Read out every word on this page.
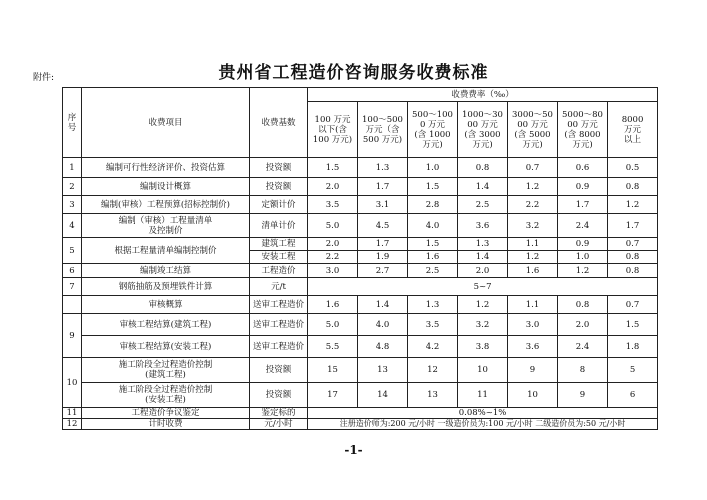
附件:	贵州省工程造价咨询服务收费标准
序
号	收费项目	收费基数	收费费率（‰）						
			100 万元
以下(含
100 万元)	100～500
万元（含
500 万元)	500～100
0 万元
(含 1000
万元)	1000～30
00 万元
(含 3000
万元)	3000～50
00 万元
(含 5000
万元)	5000～80
00 万元
(含 8000
万元)	8000
万元
以上
1	编制可行性经济评价、投资估算	投资额	1.5	1.3	1.0	0.8	0.7	0.6	0.5
2	编制设计概算	投资额	2.0	1.7	1.5	1.4	1.2	0.9	0.8
3	编制(审核）工程预算(招标控制价)	定额计价	3.5	3.1	2.8	2.5	2.2	1.7	1.2
4	编制（审核）工程量清单
及控制价	清单计价	5.0	4.5	4.0	3.6	3.2	2.4	1.7
5	根据工程量清单编制控制价	建筑工程	2.0	1.7	1.5	1.3	1.1	0.9	0.7
		安装工程	2.2	1.9	1.6	1.4	1.2	1.0	0.8
6	编制竣工结算	工程造价	3.0	2.7	2.5	2.0	1.6	1.2	0.8
7	钢筋抽筋及预埋铁件计算	元/t	5~7						
	审核概算	送审工程造价	1.6	1.4	1.3	1.2	1.1	0.8	0.7
9	审核工程结算(建筑工程)	送审工程造价	5.0	4.0	3.5	3.2	3.0	2.0	1.5
	审核工程结算(安装工程)	送审工程造价	5.5	4.8	4.2	3.8	3.6	2.4	1.8
10	施工阶段全过程造价控制
(建筑工程)	投资额	15	13	12	10	9	8	5
	施工阶段全过程造价控制
(安装工程)	投资额	17	14	13	11	10	9	6
11	工程造价争议鉴定	鉴定标的	0.08%~1%						
12	计时收费	元/小时	注册造价师为:200 元/小时 一级造价员为:100 元/小时 二级造价员为:50 元/小时						
-1-
